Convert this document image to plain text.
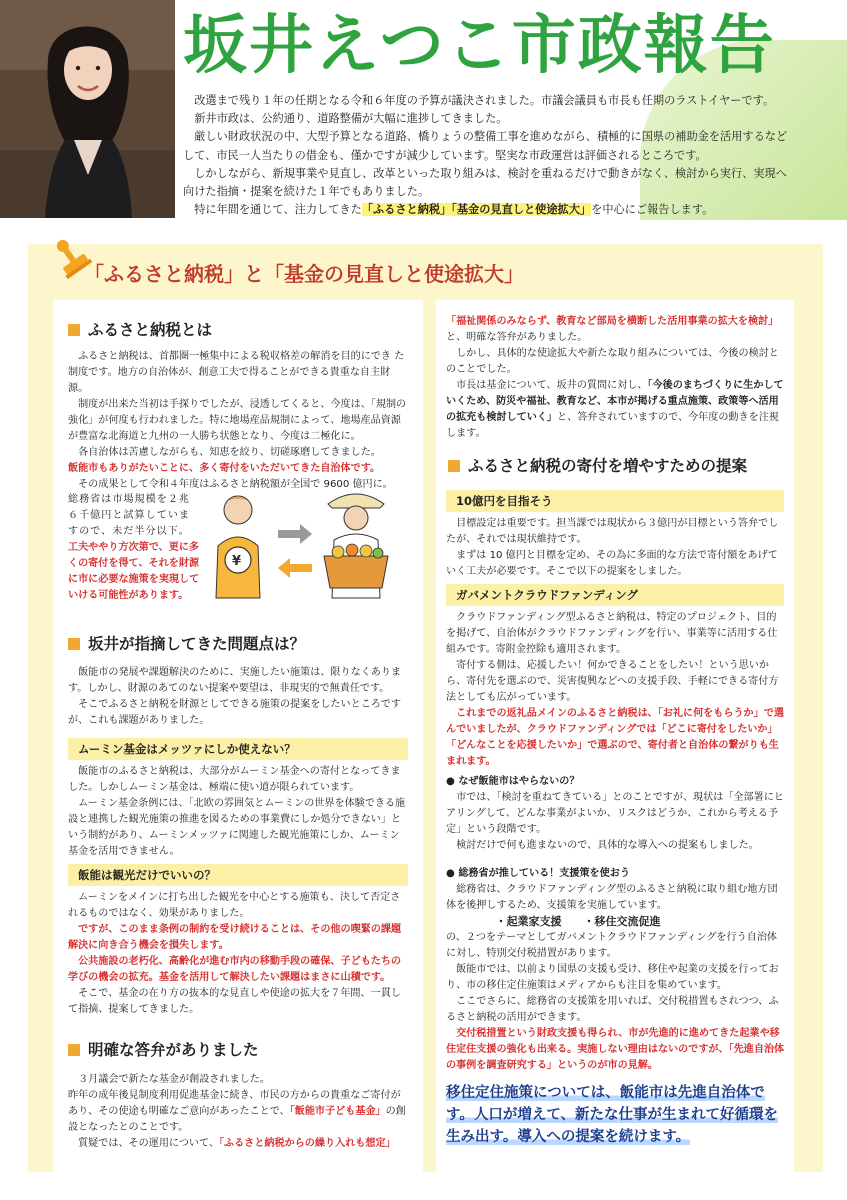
坂井えつこ市政報告

改選まで残り１年の任期となる令和６年度の予算が議決されました。市議会議員も市長も任期のラストイヤーです。

新井市政は、公約通り、道路整備が大幅に進捗してきました。

厳しい財政状況の中、大型予算となる道路、橋りょうの整備工事を進めながら、積極的に国県の補助金を活用するなどして、市民一人当たりの借金も、僅かですが減少しています。堅実な市政運営は評価されるところです。

しかしながら、新規事業や見直し、改革といった取り組みは、検討を重ねるだけで動きがなく、検討から実行、実現へ向けた指摘・提案を続けた１年でもありました。

特に年間を通じて、注力してきた「ふるさと納税」「基金の見直しと使途拡大」を中心にご報告します。

「ふるさと納税」と「基金の見直しと使途拡大」
ふるさと納税とは

ふるさと納税は、首都圏一極集中による税収格差の解消を目的にでき た制度です。地方の自治体が、創意工夫で得ることができる貴重な自主財源。

制度が出来た当初は手探りでしたが、浸透してくると、今度は、「規制の強化」が何度も行われました。特に地場産品規制によって、地場産品資源が豊富な北海道と九州の一人勝ち状態となり、今度は二極化に。

各自治体は苦慮しながらも、知恵を絞り、切磋琢磨してきました。

飯能市もありがたいことに、多く寄付をいただいてきた自治体です。

その成果として令和４年度はふるさと納税額が全国で 9600 億円に。

総務省は市場規模を２兆６千億円と試算していますので、未だ半分以下。

工夫ややり方次第で、更に多くの寄付を得て、それを財源に市に必要な施策を実現していける可能性があります。

¥
坂井が指摘してきた問題点は？

飯能市の発展や課題解決のために、実施したい施策は、限りなくあります。しかし、財源のあてのない提案や要望は、非現実的で無責任です。

そこでふるさと納税を財源としてできる施策の提案をしたいところですが、これも課題がありました。

ムーミン基金はメッツァにしか使えない？

飯能市のふるさと納税は、大部分がムーミン基金への寄付となってきました。しかしムーミン基金は、極端に使い道が限られています。

ムーミン基金条例には、「北欧の雰囲気とムーミンの世界を体験できる施設と連携した観光施策の推進を図るための事業費にしか処分できない」という制約があり、ムーミンメッツァに関連した観光施策にしか、ムーミン基金を活用できません。

飯能は観光だけでいいの？

ムーミンをメインに打ち出した観光を中心とする施策も、決して否定されるものではなく、効果がありました。

ですが、このまま条例の制約を受け続けることは、その他の喫緊の課題解決に向き合う機会を損失します。

公共施設の老朽化、高齢化が進む市内の移動手段の確保、子どもたちの学びの機会の拡充。基金を活用して解決したい課題はまさに山積です。

そこで、基金の在り方の抜本的な見直しや使途の拡大を７年間、一貫して指摘、提案してきました。

明確な答弁がありました

３月議会で新たな基金が創設されました。

昨年の成年後見制度利用促進基金に続き、市民の方からの貴重なご寄付があり、その使途も明確なご意向があったことで、「飯能市子ども基金」の創設となったとのことです。

質疑では、その運用について、「ふるさと納税からの繰り入れも想定」

「福祉関係のみならず、教育など部局を横断した活用事業の拡大を検討」

と、明確な答弁がありました。

しかし、具体的な使途拡大や新たな取り組みについては、今後の検討とのことでした。

市長は基金について、坂井の質問に対し、「今後のまちづくりに生かしていくため、防災や福祉、教育など、本市が掲げる重点施策、政策等へ活用の拡充も検討していく」と、答弁されていますので、今年度の動きを注視します。

ふるさと納税の寄付を増やすための提案
10億円を目指そう

目標設定は重要です。担当課では現状から３億円が目標という答弁でしたが、それでは現状維持です。

まずは 10 億円と目標を定め、その為に多面的な方法で寄付額をあげていく工夫が必要です。そこで以下の提案をしました。

ガバメントクラウドファンディング

クラウドファンディング型ふるさと納税は、特定のプロジェクト、目的を掲げて、自治体がクラウドファンディングを行い、事業等に活用する仕組みです。寄附金控除も適用されます。

寄付する側は、応援したい！何かできることをしたい！という思いから、寄付先を選ぶので、災害復興などへの支援手段、手軽にできる寄付方法としても広がっています。

これまでの返礼品メインのふるさと納税は、「お礼に何をもらうか」で選んでいましたが、クラウドファンディングでは「どこに寄付をしたいか」「どんなことを応援したいか」で選ぶので、寄付者と自治体の繋がりも生まれます。

● なぜ飯能市はやらないの？

市では、「検討を重ねてきている」とのことですが、現状は「全部署にヒアリングして、どんな事業がよいか、リスクはどうか、これから考える予定」という段階です。

検討だけで何も進まないので、具体的な導入への提案もしました。

● 総務省が推している！支援策を使おう

総務省は、クラウドファンディング型のふるさと納税に取り組む地方団体を後押しするため、支援策を実施しています。

・起業家支援　　・移住交流促進

の、２つをテーマとしてガバメントクラウドファンディングを行う自治体に対し、特別交付税措置があります。

飯能市では、以前より国県の支援も受け、移住や起業の支援を行っており、市の移住定住施策はメディアからも注目を集めています。

ここでさらに、総務省の支援策を用いれば、交付税措置もされつつ、ふるさと納税の活用ができます。

交付税措置という財政支援も得られ、市が先進的に進めてきた起業や移住定住支援の強化も出来る。実施しない理由はないのですが、「先進自治体の事例を調査研究する」というのが市の見解。

移住定住施策については、飯能市は先進自治体です。人口が増えて、新たな仕事が生まれて好循環を生み出す。導入への提案を続けます。
